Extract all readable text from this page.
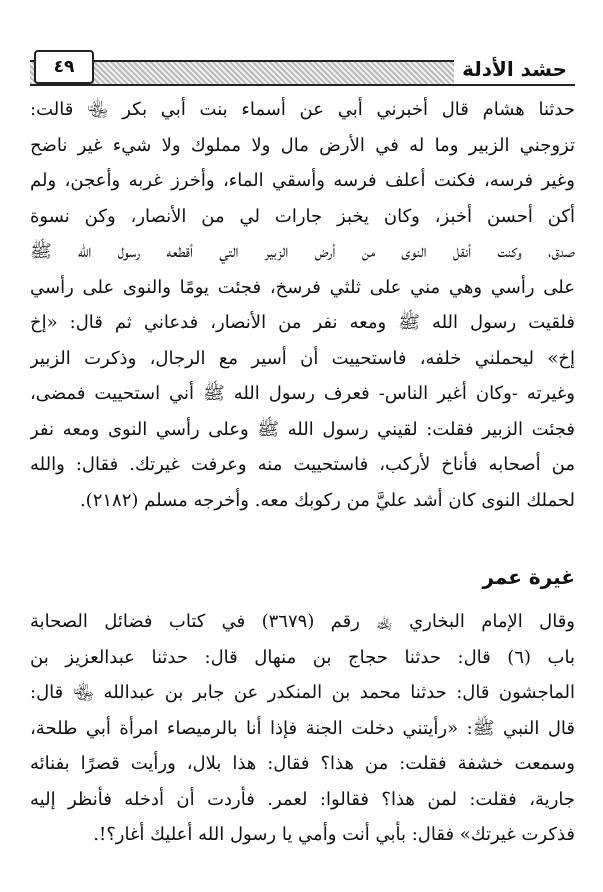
٤٩	حشد الأدلة
حدثنا هشام قال أخبرني أبي عن أسماء بنت أبي بكر ﵄ قالت:
تزوجني الزبير وما له في الأرض مال ولا مملوك ولا شيء غير ناضح
وغير فرسه، فكنت أعلف فرسه وأسقي الماء، وأخرز غربه وأعجن، ولم
أكن أحسن أخبز، وكان يخبز جارات لي من الأنصار، وكن نسوة
صدق، وكنت أنقل النوى من أرض الزبير التي أقطعه رسول الله ﷺ
على رأسي وهي مني على ثلثي فرسخ، فجئت يومًا والنوى على رأسي
فلقيت رسول الله ﷺ ومعه نفر من الأنصار، فدعاني ثم قال: «إخ
إخ» ليحملني خلفه، فاستحييت أن أسير مع الرجال، وذكرت الزبير
وغيرته -وكان أغير الناس- فعرف رسول الله ﷺ أني استحييت فمضى،
فجئت الزبير فقلت: لقيني رسول الله ﷺ وعلى رأسي النوى ومعه نفر
من أصحابه فأناخ لأركب، فاستحييت منه وعرفت غيرتك. فقال: والله
لحملك النوى كان أشد عليَّ من ركوبك معه. وأخرجه مسلم (٢١٨٢).
غيرة عمر
وقال الإمام البخاري ﵀ رقم (٣٦٧٩) في كتاب فضائل الصحابة
باب (٦) قال: حدثنا حجاج بن منهال قال: حدثنا عبدالعزيز بن
الماجشون قال: حدثنا محمد بن المنكدر عن جابر بن عبدالله ﵄ قال:
قال النبي ﷺ: «رأيتني دخلت الجنة فإذا أنا بالرميصاء امرأة أبي طلحة،
وسمعت خشفة فقلت: من هذا؟ فقال: هذا بلال، ورأيت قصرًا بفنائه
جارية، فقلت: لمن هذا؟ فقالوا: لعمر. فأردت أن أدخله فأنظر إليه
فذكرت غيرتك» فقال: بأبي أنت وأمي يا رسول الله أعليك أغار؟!.
